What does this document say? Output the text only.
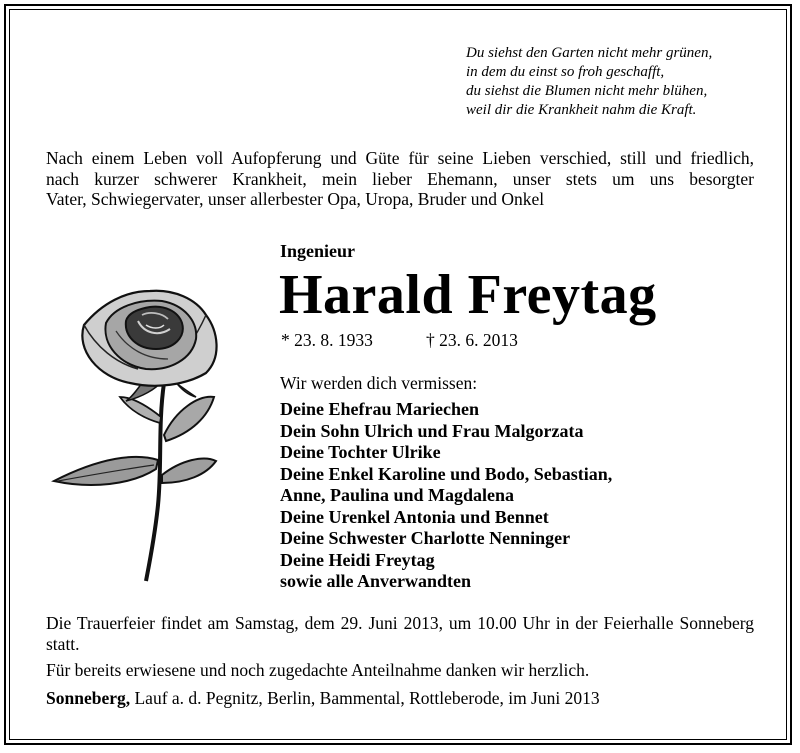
Du siehst den Garten nicht mehr grünen,
in dem du einst so froh geschafft,
du siehst die Blumen nicht mehr blühen,
weil dir die Krankheit nahm die Kraft.
Nach einem Leben voll Aufopferung und Güte für seine Lieben verschied, still und friedlich,
nach kurzer schwerer Krankheit, mein lieber Ehemann, unser stets um uns besorgter
Vater, Schwiegervater, unser allerbester Opa, Uropa, Bruder und Onkel
Ingenieur
Harald Freytag
* 23. 8. 1933	† 23. 6. 2013
Wir werden dich vermissen:
Deine Ehefrau Mariechen
Dein Sohn Ulrich und Frau Malgorzata
Deine Tochter Ulrike
Deine Enkel Karoline und Bodo, Sebastian,
Anne, Paulina und Magdalena
Deine Urenkel Antonia und Bennet
Deine Schwester Charlotte Nenninger
Deine Heidi Freytag
sowie alle Anverwandten
Die Trauerfeier findet am Samstag, dem 29. Juni 2013, um 10.00 Uhr in der Feierhalle Sonneberg statt.
Für bereits erwiesene und noch zugedachte Anteilnahme danken wir herzlich.
Sonneberg, Lauf a. d. Pegnitz, Berlin, Bammental, Rottleberode, im Juni 2013
